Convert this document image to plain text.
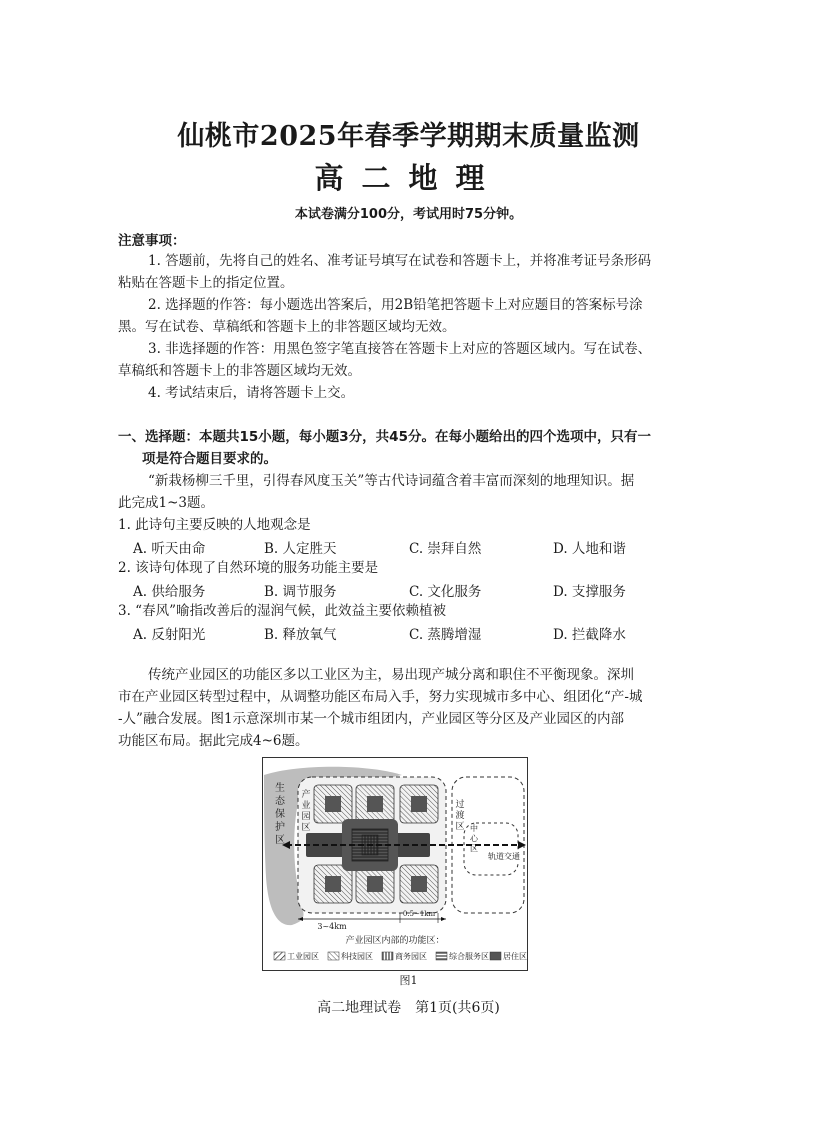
仙桃市2025年春季学期期末质量监测
高二地理
本试卷满分100分，考试用时75分钟。
注意事项：
1. 答题前，先将自己的姓名、准考证号填写在试卷和答题卡上，并将准考证号条形码
粘贴在答题卡上的指定位置。
2. 选择题的作答：每小题选出答案后，用2B铅笔把答题卡上对应题目的答案标号涂
黑。写在试卷、草稿纸和答题卡上的非答题区域均无效。
3. 非选择题的作答：用黑色签字笔直接答在答题卡上对应的答题区域内。写在试卷、
草稿纸和答题卡上的非答题区域均无效。
4. 考试结束后，请将答题卡上交。
一、选择题：本题共15小题，每小题3分，共45分。在每小题给出的四个选项中，只有一
项是符合题目要求的。
“新栽杨柳三千里，引得春风度玉关”等古代诗词蕴含着丰富而深刻的地理知识。据
此完成1~3题。
1. 此诗句主要反映的人地观念是
A. 听天由命	B. 人定胜天	C. 崇拜自然	D. 人地和谐
2. 该诗句体现了自然环境的服务功能主要是
A. 供给服务	B. 调节服务	C. 文化服务	D. 支撑服务
3. “春风”喻指改善后的湿润气候，此效益主要依赖植被
A. 反射阳光	B. 释放氧气	C. 蒸腾增湿	D. 拦截降水
传统产业园区的功能区多以工业区为主，易出现产城分离和职住不平衡现象。深圳
市在产业园区转型过程中，从调整功能区布局入手，努力实现城市多中心、组团化“产-城
-人”融合发展。图1示意深圳市某一个城市组团内，产业园区等分区及产业园区的内部
功能区布局。据此完成4~6题。
生态保护区
产业园区
过渡区 中心区
轨道交通
3~4km
0.5~1km
产业园区内部的功能区：
工业园区	科技园区	商务园区	综合服务区 居住区
图1
高二地理试卷　第1页(共6页)
